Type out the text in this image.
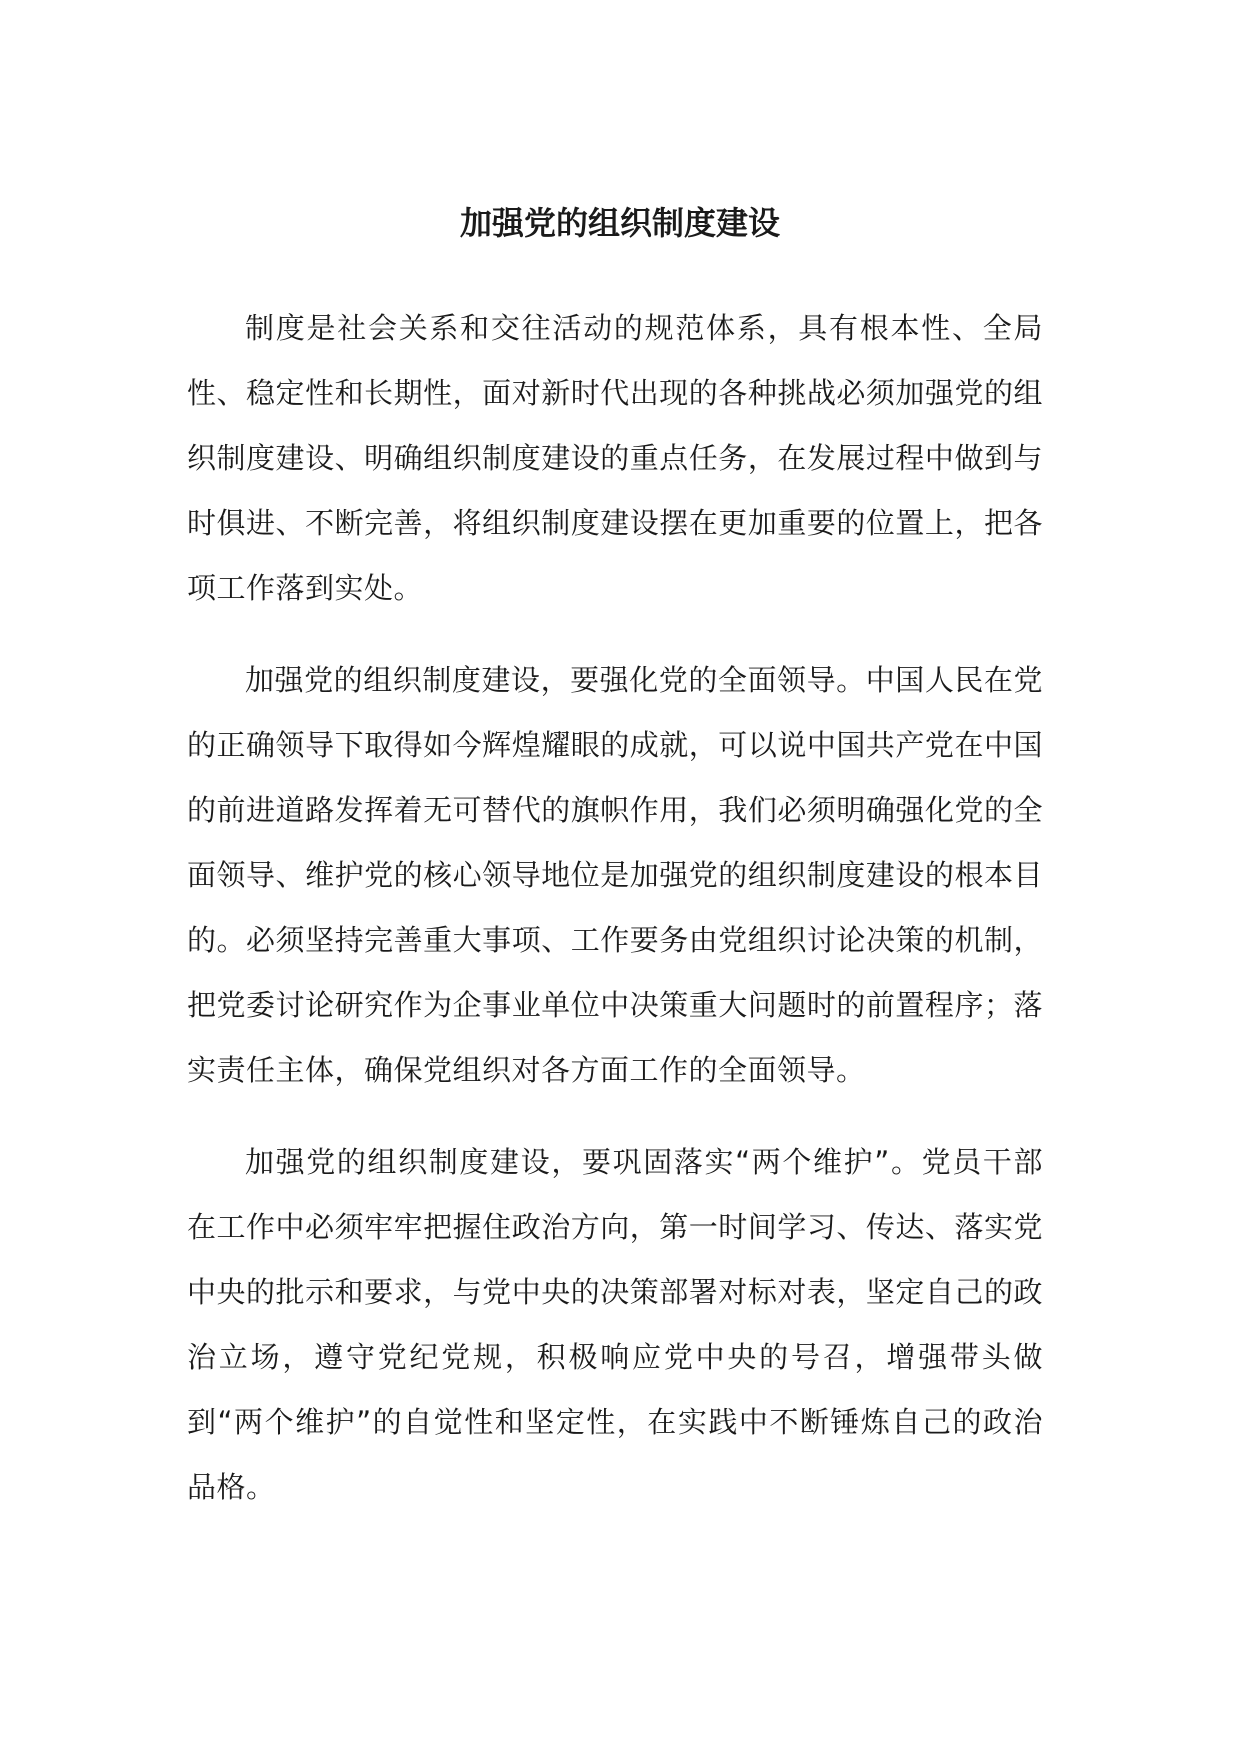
加强党的组织制度建设

制度是社会关系和交往活动的规范体系，具有根本性、全局性、稳定性和长期性，面对新时代出现的各种挑战必须加强党的组织制度建设、明确组织制度建设的重点任务，在发展过程中做到与时俱进、不断完善，将组织制度建设摆在更加重要的位置上，把各项工作落到实处。

加强党的组织制度建设，要强化党的全面领导。中国人民在党的正确领导下取得如今辉煌耀眼的成就，可以说中国共产党在中国的前进道路发挥着无可替代的旗帜作用，我们必须明确强化党的全面领导、维护党的核心领导地位是加强党的组织制度建设的根本目的。必须坚持完善重大事项、工作要务由党组织讨论决策的机制，把党委讨论研究作为企事业单位中决策重大问题时的前置程序；落实责任主体，确保党组织对各方面工作的全面领导。

加强党的组织制度建设，要巩固落实“两个维护”。党员干部在工作中必须牢牢把握住政治方向，第一时间学习、传达、落实党中央的批示和要求，与党中央的决策部署对标对表，坚定自己的政治立场，遵守党纪党规，积极响应党中央的号召，增强带头做到“两个维护”的自觉性和坚定性，在实践中不断锤炼自己的政治品格。
